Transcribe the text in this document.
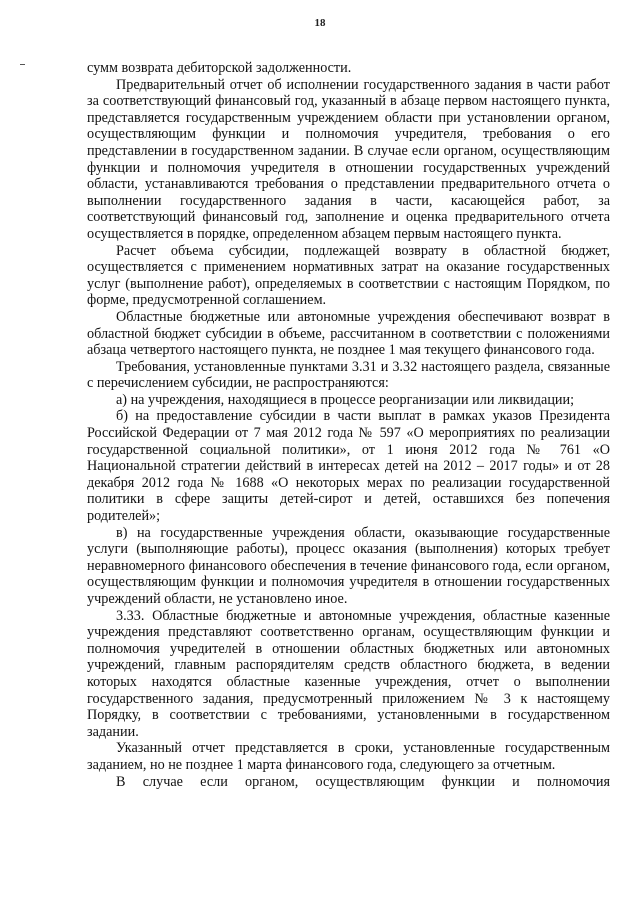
18

сумм возврата дебиторской задолженности.

Предварительный отчет об исполнении государственного задания в части работ за соответствующий финансовый год, указанный в абзаце первом настоящего пункта, представляется государственным учреждением области при установлении органом, осуществляющим функции и полномочия учредителя, требования о его представлении в государственном задании. В случае если органом, осуществляющим функции и полномочия учредителя в отношении государственных учреждений области, устанавливаются требования о представлении предварительного отчета о выполнении государственного задания в части, касающейся работ, за соответствующий финансовый год, заполнение и оценка предварительного отчета осуществляется в порядке, определенном абзацем первым настоящего пункта.

Расчет объема субсидии, подлежащей возврату в областной бюджет, осуществляется с применением нормативных затрат на оказание государственных услуг (выполнение работ), определяемых в соответствии с настоящим Порядком, по форме, предусмотренной соглашением.

Областные бюджетные или автономные учреждения обеспечивают возврат в областной бюджет субсидии в объеме, рассчитанном в соответствии с положениями абзаца четвертого настоящего пункта, не позднее 1 мая текущего финансового года.

Требования, установленные пунктами 3.31 и 3.32 настоящего раздела, связанные с перечислением субсидии, не распространяются:

а) на учреждения, находящиеся в процессе реорганизации или ликвидации;

б) на предоставление субсидии в части выплат в рамках указов Президента Российской Федерации от 7 мая 2012 года № 597 «О мероприятиях по реализации государственной социальной политики», от 1 июня 2012 года № 761 «О Национальной стратегии действий в интересах детей на 2012 – 2017 годы» и от 28 декабря 2012 года № 1688 «О некоторых мерах по реализации государственной политики в сфере защиты детей-сирот и детей, оставшихся без попечения родителей»;

в) на государственные учреждения области, оказывающие государственные услуги (выполняющие работы), процесс оказания (выполнения) которых требует неравномерного финансового обеспечения в течение финансового года, если органом, осуществляющим функции и полномочия учредителя в отношении государственных учреждений области, не установлено иное.

3.33. Областные бюджетные и автономные учреждения, областные казенные учреждения представляют соответственно органам, осуществляющим функции и полномочия учредителей в отношении областных бюджетных или автономных учреждений, главным распорядителям средств областного бюджета, в ведении которых находятся областные казенные учреждения, отчет о выполнении государственного задания, предусмотренный приложением № 3 к настоящему Порядку, в соответствии с требованиями, установленными в государственном задании.

Указанный отчет представляется в сроки, установленные государственным заданием, но не позднее 1 марта финансового года, следующего за отчетным.

В случае если органом, осуществляющим функции и полномочия
